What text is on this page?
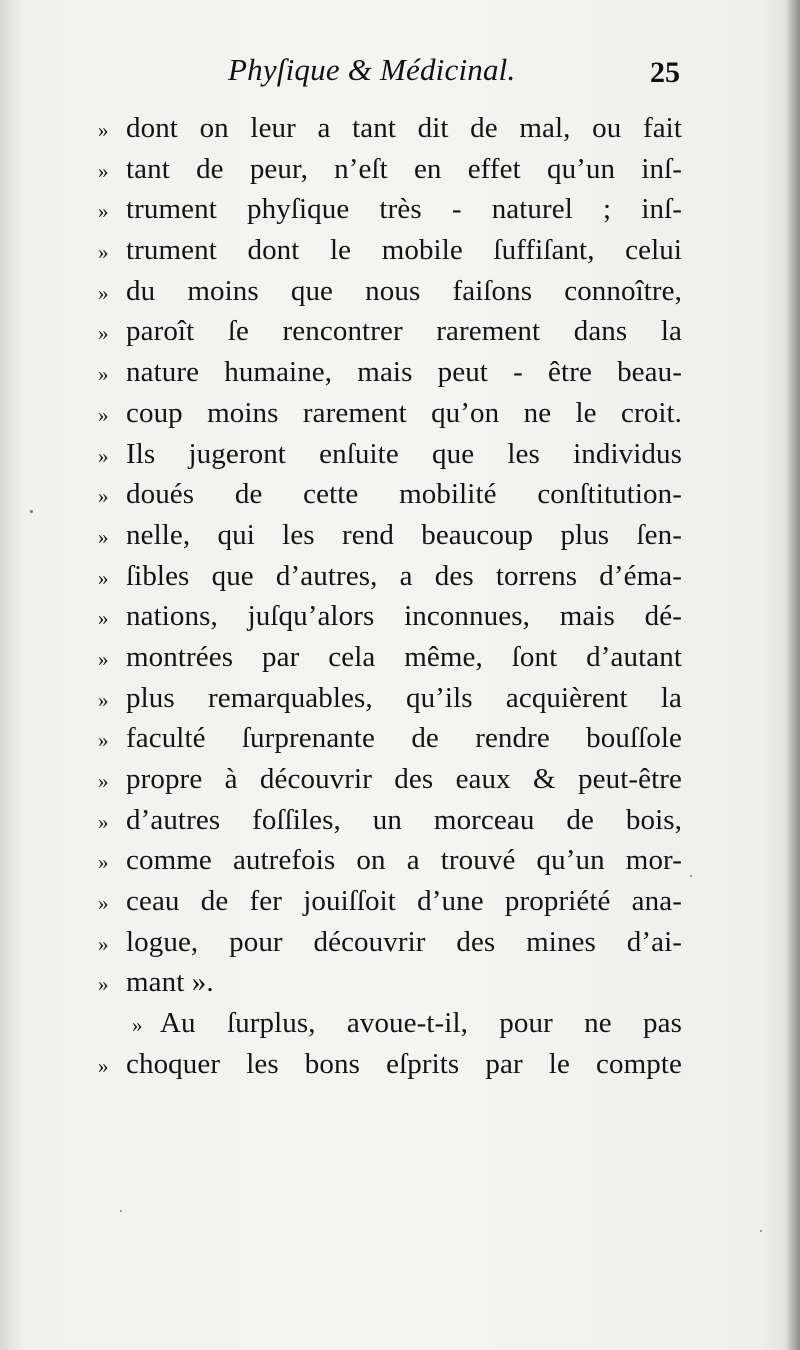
Phyſique & Médicinal.	25
» dont on leur a tant dit de mal, ou fait
» tant de peur, n’eſt en effet qu’un inſ-
» trument phyſique très - naturel ; inſ-
» trument dont le mobile ſuffiſant, celui
» du moins que nous faiſons connoître,
» paroît ſe rencontrer rarement dans la
» nature humaine, mais peut - être beau-
» coup moins rarement qu’on ne le croit.
» Ils jugeront enſuite que les individus
» doués de cette mobilité conſtitution-
» nelle, qui les rend beaucoup plus ſen-
» ſibles que d’autres, a des torrens d’éma-
» nations, juſqu’alors inconnues, mais dé-
» montrées par cela même, ſont d’autant
» plus remarquables, qu’ils acquièrent la
» faculté ſurprenante de rendre bouſſole
» propre à découvrir des eaux & peut-être
» d’autres foſſiles, un morceau de bois,
» comme autrefois on a trouvé qu’un mor-
» ceau de fer jouiſſoit d’une propriété ana-
» logue, pour découvrir des mines d’ai-
» mant ».
» Au ſurplus, avoue-t-il, pour ne pas
» choquer les bons eſprits par le compte
